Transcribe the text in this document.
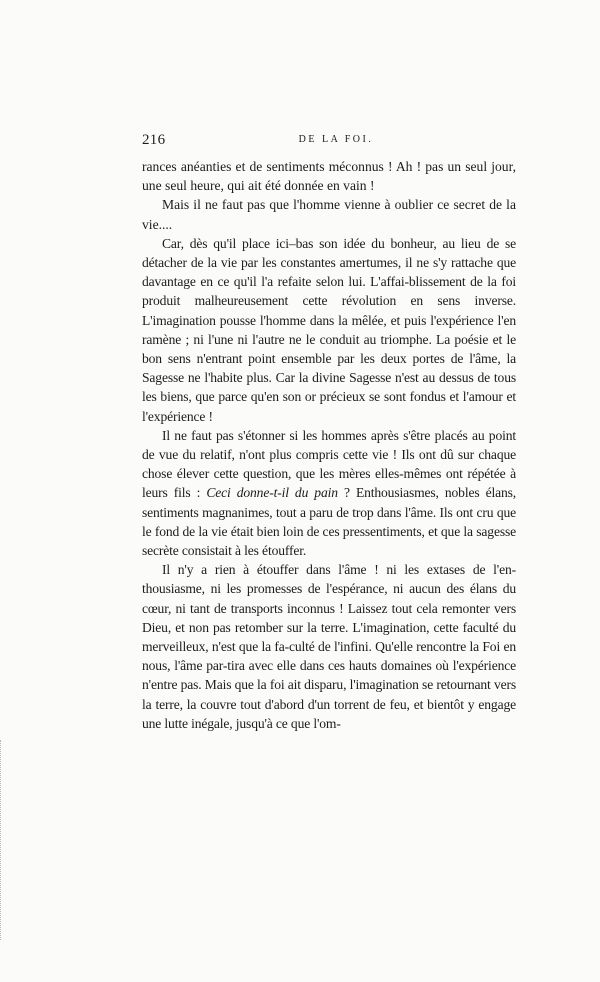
216	DE LA FOI.

rances anéanties et de sentiments méconnus ! Ah ! pas un seul jour, une seul heure, qui ait été donnée en vain !

Mais il ne faut pas que l'homme vienne à oublier ce secret de la vie....

Car, dès qu'il place ici–bas son idée du bonheur, au lieu de se détacher de la vie par les constantes amertumes, il ne s'y rattache que davantage en ce qu'il l'a refaite selon lui. L'affai-blissement de la foi produit malheureusement cette révolution en sens inverse. L'imagination pousse l'homme dans la mêlée, et puis l'expérience l'en ramène ; ni l'une ni l'autre ne le conduit au triomphe. La poésie et le bon sens n'entrant point ensemble par les deux portes de l'âme, la Sagesse ne l'habite plus. Car la divine Sagesse n'est au dessus de tous les biens, que parce qu'en son or précieux se sont fondus et l'amour et l'expérience !

Il ne faut pas s'étonner si les hommes après s'être placés au point de vue du relatif, n'ont plus compris cette vie ! Ils ont dû sur chaque chose élever cette question, que les mères elles-mêmes ont répétée à leurs fils : Ceci donne-t-il du pain ? Enthousiasmes, nobles élans, sentiments magnanimes, tout a paru de trop dans l'âme. Ils ont cru que le fond de la vie était bien loin de ces pressentiments, et que la sagesse secrète consistait à les étouffer.

Il n'y a rien à étouffer dans l'âme ! ni les extases de l'en-thousiasme, ni les promesses de l'espérance, ni aucun des élans du cœur, ni tant de transports inconnus ! Laissez tout cela remonter vers Dieu, et non pas retomber sur la terre. L'imagination, cette faculté du merveilleux, n'est que la fa-culté de l'infini. Qu'elle rencontre la Foi en nous, l'âme par-tira avec elle dans ces hauts domaines où l'expérience n'entre pas. Mais que la foi ait disparu, l'imagination se retournant vers la terre, la couvre tout d'abord d'un torrent de feu, et bientôt y engage une lutte inégale, jusqu'à ce que l'om-
